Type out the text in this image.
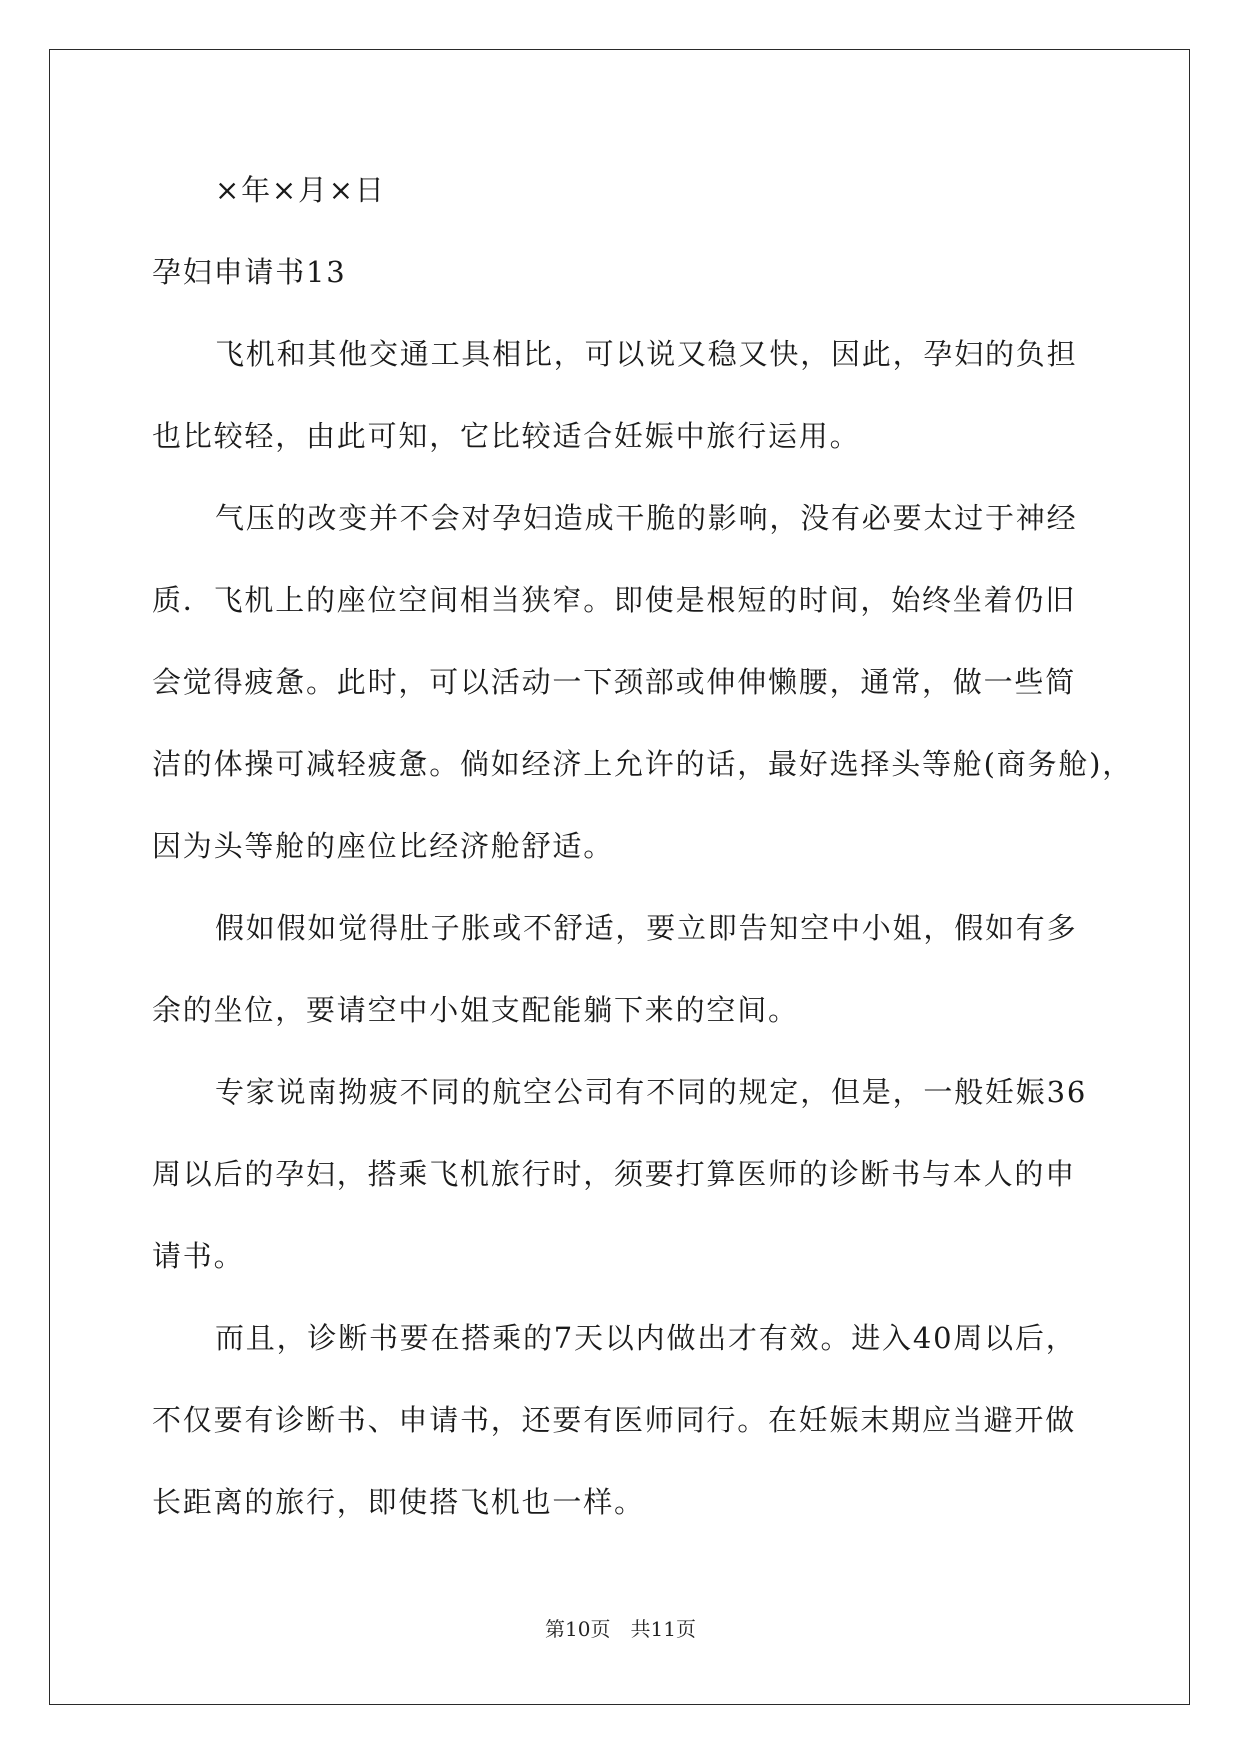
×年×月×日
孕妇申请书13
飞机和其他交通工具相比，可以说又稳又快，因此，孕妇的负担
也比较轻，由此可知，它比较适合妊娠中旅行运用。
气压的改变并不会对孕妇造成干脆的影响，没有必要太过于神经
质．飞机上的座位空间相当狭窄。即使是根短的时间，始终坐着仍旧
会觉得疲惫。此时，可以活动一下颈部或伸伸懒腰，通常，做一些简
洁的体操可减轻疲惫。倘如经济上允许的话，最好选择头等舱(商务舱)，
因为头等舱的座位比经济舱舒适。
假如假如觉得肚子胀或不舒适，要立即告知空中小姐，假如有多
余的坐位，要请空中小姐支配能躺下来的空间。
专家说南拗疲不同的航空公司有不同的规定，但是，一般妊娠36
周以后的孕妇，搭乘飞机旅行时，须要打算医师的诊断书与本人的申
请书。
而且，诊断书要在搭乘的7天以内做出才有效。进入40周以后，
不仅要有诊断书、申请书，还要有医师同行。在妊娠末期应当避开做
长距离的旅行，即使搭飞机也一样。
第10页　共11页
